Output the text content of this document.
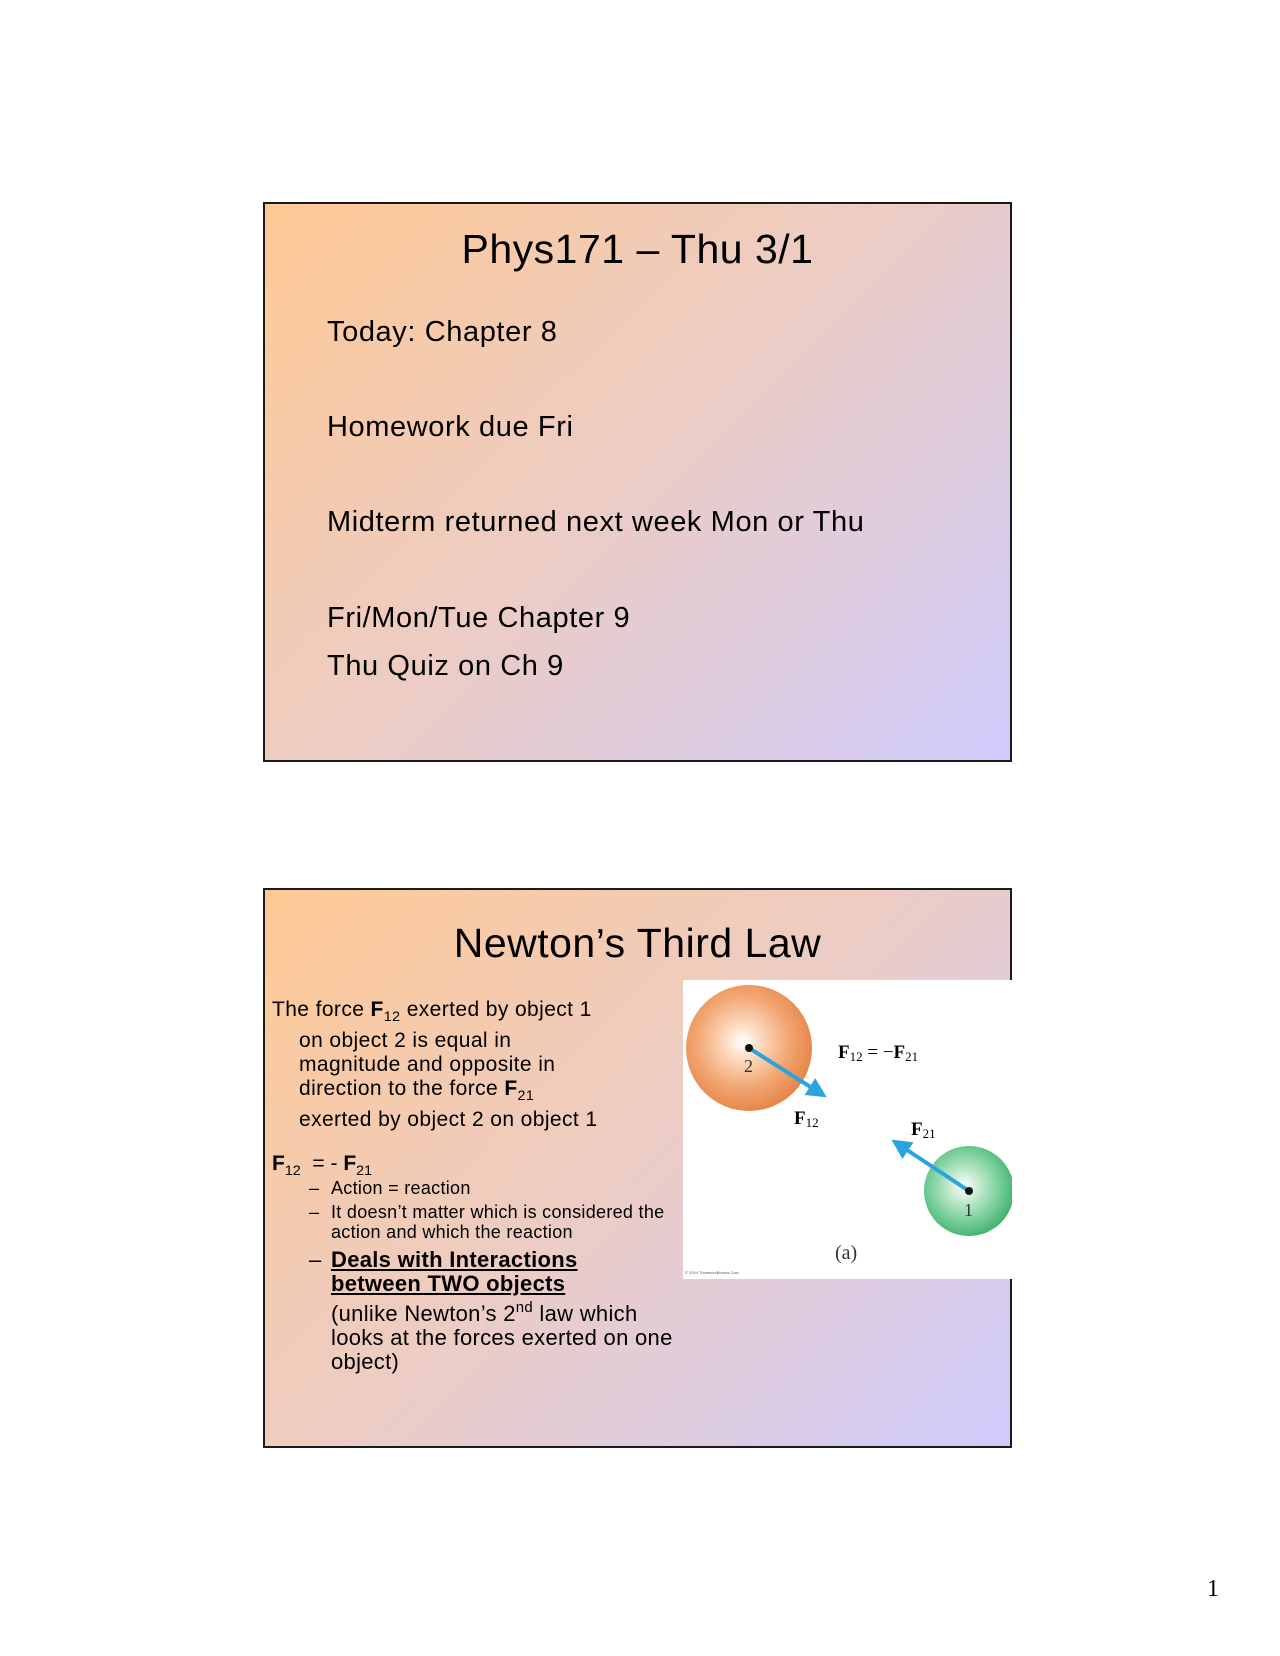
Phys171 – Thu 3/1
Today: Chapter 8
Homework due Fri
Midterm returned next week Mon or Thu
Fri/Mon/Tue Chapter 9
Thu Quiz on Ch 9
Newton’s Third Law
The force $F_{12}$ exerted by object 1
on object 2 is equal in
magnitude and opposite in
direction to the force $F_{21}$
exerted by object 2 on object 1
$F_{12}$  = - $F_{21}$
– Action = reaction
– It doesn’t matter which is considered the action and which the reaction
– Deals with Interactions
between TWO objects
(unlike Newton’s 2nd law which looks at the forces exerted on one object)
2
1
F12	F21
F12 = −F21
(a)
© 2004 Thomson/Brooks Cole
1
